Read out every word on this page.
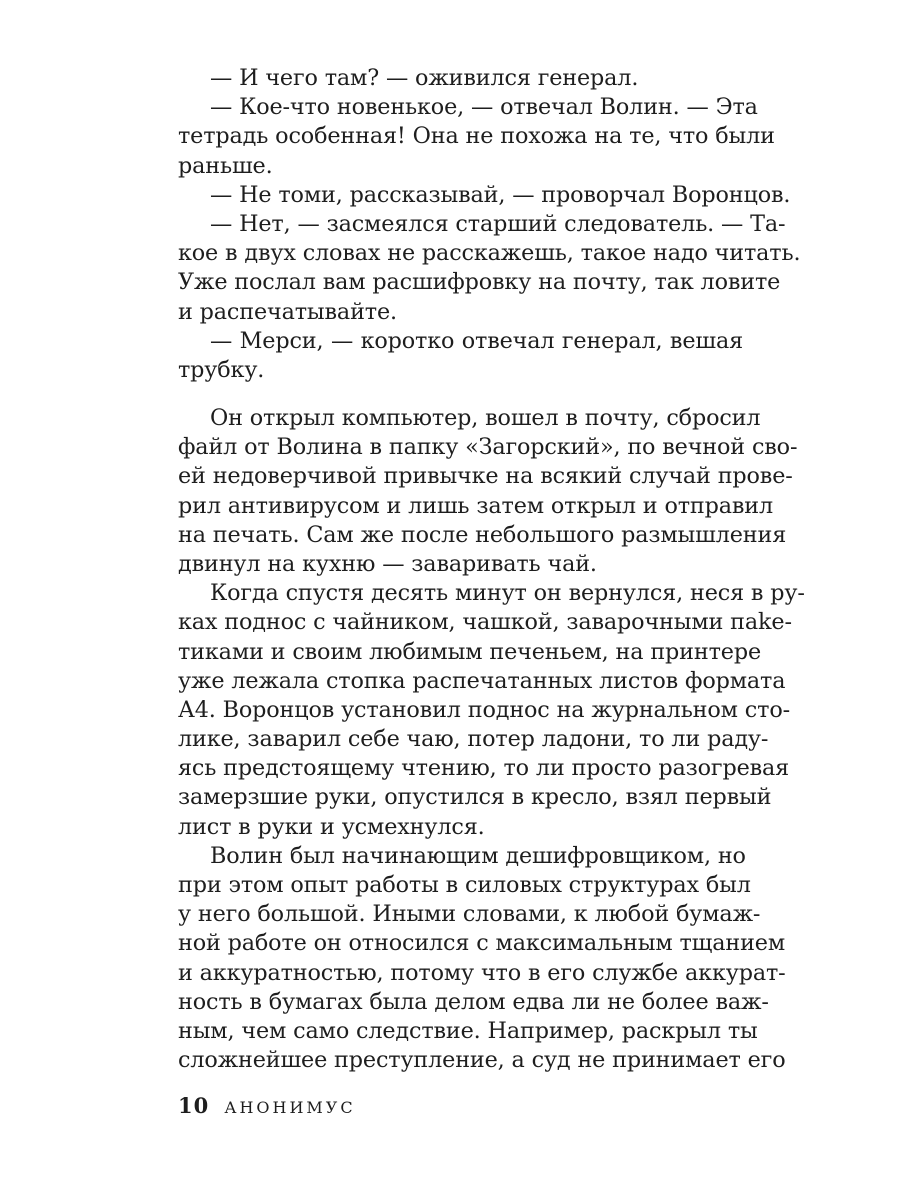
— И чего там? — оживился генерал.
— Кое-что новенькое, — отвечал Волин. — Эта
тетрадь особенная! Она не похожа на те, что были
раньше.
— Не томи, рассказывай, — проворчал Воронцов.
— Нет, — засмеялся старший следователь. — Та-
кое в двух словах не расскажешь, такое надо читать.
Уже послал вам расшифровку на почту, так ловите
и распечатывайте.
— Мерси, — коротко отвечал генерал, вешая
трубку.
Он открыл компьютер, вошел в почту, сбросил
файл от Волина в папку «Загорский», по вечной сво-
ей недоверчивой привычке на всякий случай прове-
рил антивирусом и лишь затем открыл и отправил
на печать. Сам же после небольшого размышления
двинул на кухню — заваривать чай.
Когда спустя десять минут он вернулся, неся в ру-
ках поднос с чайником, чашкой, заварочными пake-
тиками и своим любимым печеньем, на принтере
уже лежала стопка распечатанных листов формата
А4. Воронцов установил поднос на журнальном сто-
лике, заварил себе чаю, потер ладони, то ли раду-
ясь предстоящему чтению, то ли просто разогревая
замерзшие руки, опустился в кресло, взял первый
лист в руки и усмехнулся.
Волин был начинающим дешифровщиком, но
при этом опыт работы в силовых структурах был
у него большой. Иными словами, к любой бумаж-
ной работе он относился с максимальным тщанием
и аккуратностью, потому что в его службе аккурат-
ность в бумагах была делом едва ли не более важ-
ным, чем само следствие. Например, раскрыл ты
сложнейшее преступление, а суд не принимает его
10 АНОНИМУС
